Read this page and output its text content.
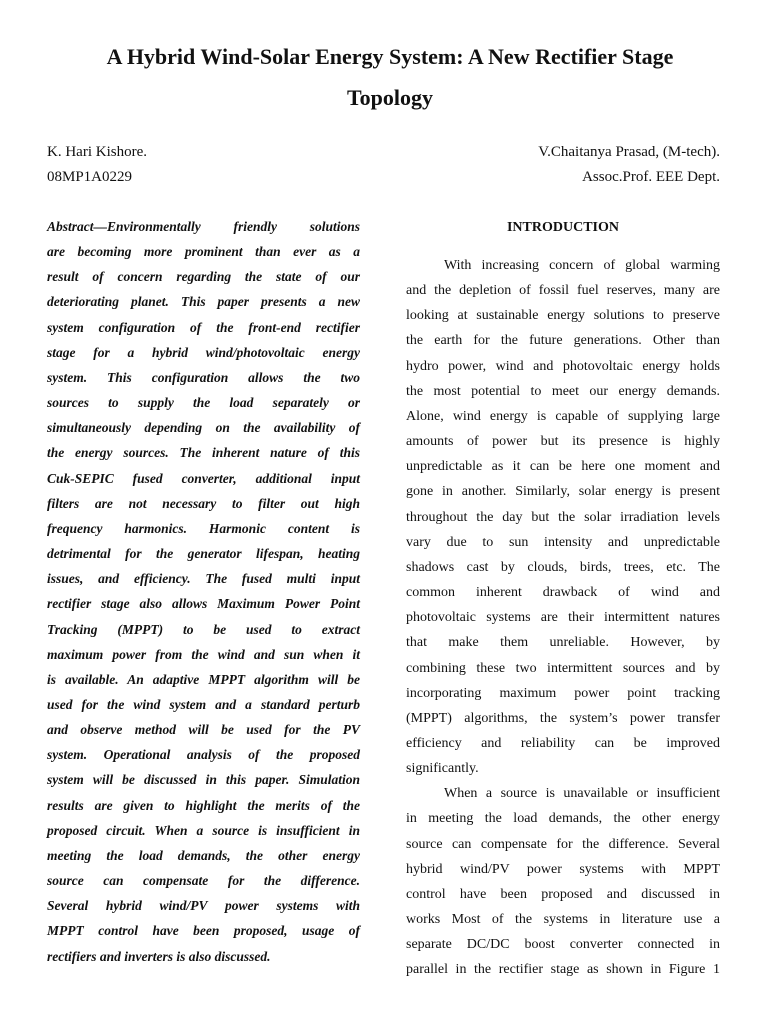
A Hybrid Wind-Solar Energy System: A New Rectifier Stage
Topology
K. Hari Kishore.
08MP1A0229
V.Chaitanya Prasad, (M-tech).
Assoc.Prof. EEE Dept.
Abstract—Environmentally friendly solutions
are becoming more prominent than ever as a
result of concern regarding the state of our
deteriorating planet. This paper presents a new
system configuration of the front-end rectifier
stage for a hybrid wind/photovoltaic energy
system. This configuration allows the two
sources to supply the load separately or
simultaneously depending on the availability of
the energy sources. The inherent nature of this
Cuk-SEPIC fused converter, additional input
filters are not necessary to filter out high
frequency harmonics. Harmonic content is
detrimental for the generator lifespan, heating
issues, and efficiency. The fused multi input
rectifier stage also allows Maximum Power Point
Tracking (MPPT) to be used to extract
maximum power from the wind and sun when it
is available. An adaptive MPPT algorithm will be
used for the wind system and a standard perturb
and observe method will be used for the PV
system. Operational analysis of the proposed
system will be discussed in this paper. Simulation
results are given to highlight the merits of the
proposed circuit. When a source is insufficient in
meeting the load demands, the other energy
source can compensate for the difference.
Several hybrid wind/PV power systems with
MPPT control have been proposed, usage of
rectifiers and inverters is also discussed.
INTRODUCTION
With increasing concern of global warming
and the depletion of fossil fuel reserves, many are
looking at sustainable energy solutions to preserve
the earth for the future generations. Other than
hydro power, wind and photovoltaic energy holds
the most potential to meet our energy demands.
Alone, wind energy is capable of supplying large
amounts of power but its presence is highly
unpredictable as it can be here one moment and
gone in another. Similarly, solar energy is present
throughout the day but the solar irradiation levels
vary due to sun intensity and unpredictable
shadows cast by clouds, birds, trees, etc. The
common inherent drawback of wind and
photovoltaic systems are their intermittent natures
that make them unreliable. However, by
combining these two intermittent sources and by
incorporating maximum power point tracking
(MPPT) algorithms, the system’s power transfer
efficiency and reliability can be improved
significantly.
When a source is unavailable or insufficient
in meeting the load demands, the other energy
source can compensate for the difference. Several
hybrid wind/PV power systems with MPPT
control have been proposed and discussed in
works Most of the systems in literature use a
separate DC/DC boost converter connected in
parallel in the rectifier stage as shown in Figure 1
